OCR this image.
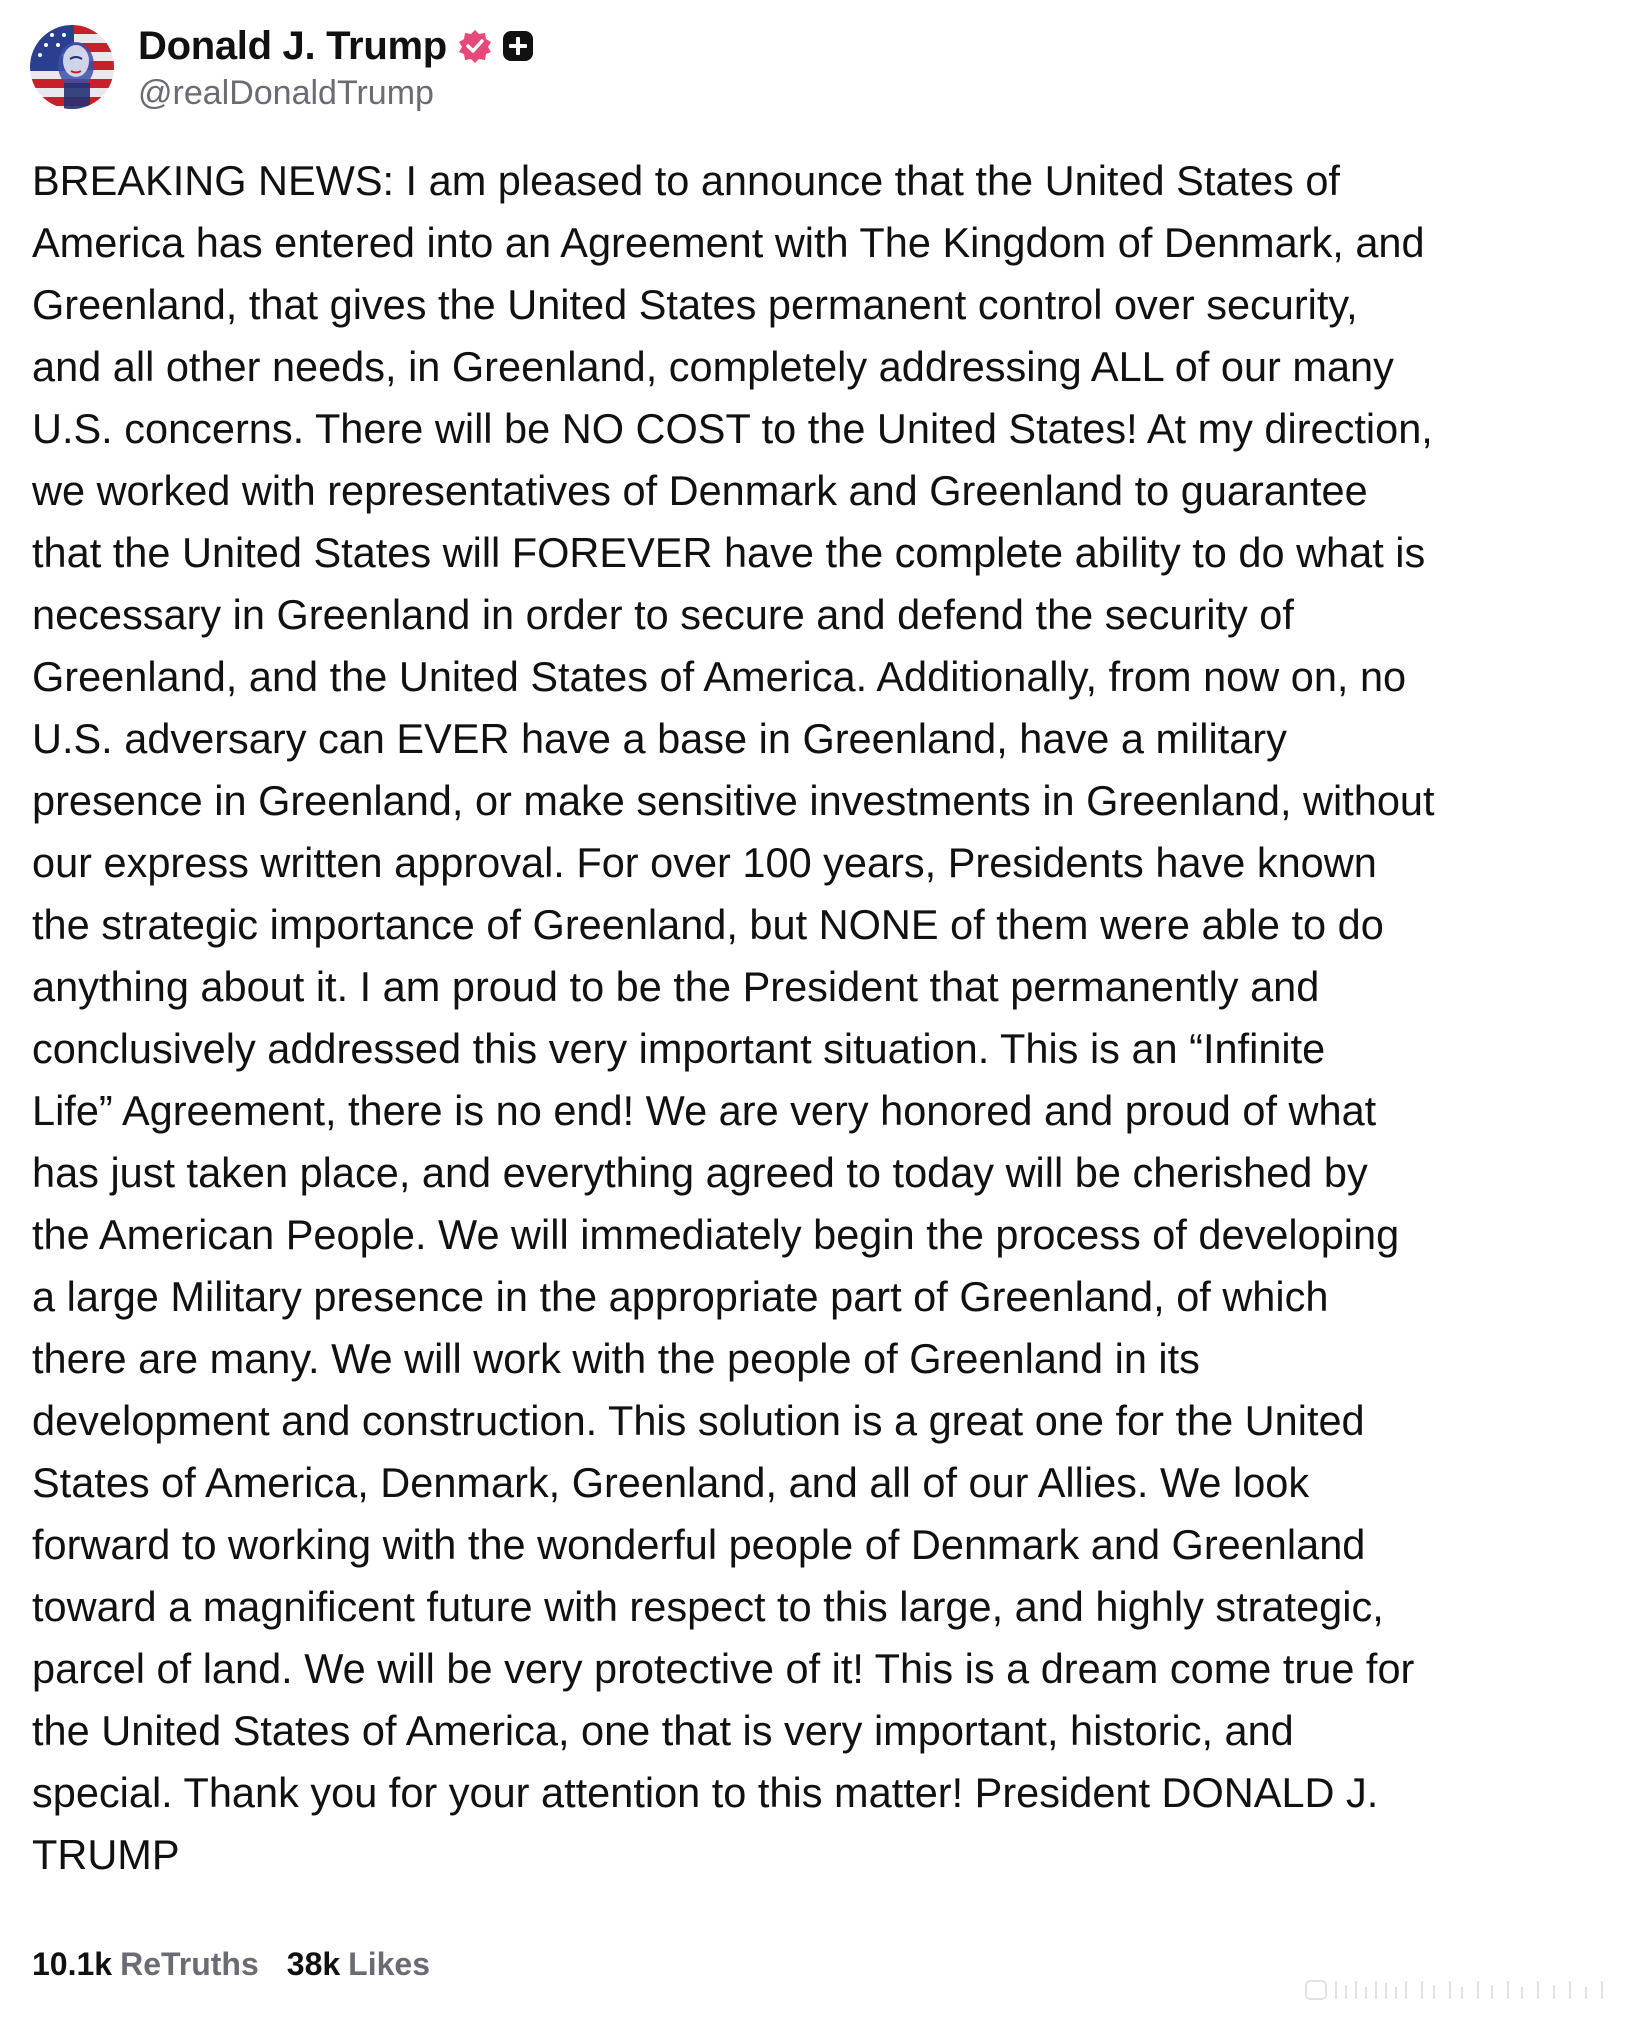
Donald J. Trump
@realDonaldTrump
BREAKING NEWS: I am pleased to announce that the United States of
America has entered into an Agreement with The Kingdom of Denmark, and
Greenland, that gives the United States permanent control over security,
and all other needs, in Greenland, completely addressing ALL of our many
U.S. concerns. There will be NO COST to the United States! At my direction,
we worked with representatives of Denmark and Greenland to guarantee
that the United States will FOREVER have the complete ability to do what is
necessary in Greenland in order to secure and defend the security of
Greenland, and the United States of America. Additionally, from now on, no
U.S. adversary can EVER have a base in Greenland, have a military
presence in Greenland, or make sensitive investments in Greenland, without
our express written approval. For over 100 years, Presidents have known
the strategic importance of Greenland, but NONE of them were able to do
anything about it. I am proud to be the President that permanently and
conclusively addressed this very important situation. This is an “Infinite
Life” Agreement, there is no end! We are very honored and proud of what
has just taken place, and everything agreed to today will be cherished by
the American People. We will immediately begin the process of developing
a large Military presence in the appropriate part of Greenland, of which
there are many. We will work with the people of Greenland in its
development and construction. This solution is a great one for the United
States of America, Denmark, Greenland, and all of our Allies. We look
forward to working with the wonderful people of Denmark and Greenland
toward a magnificent future with respect to this large, and highly strategic,
parcel of land. We will be very protective of it! This is a dream come true for
the United States of America, one that is very important, historic, and
special. Thank you for your attention to this matter! President DONALD J.
TRUMP
10.1k ReTruths 38k Likes
